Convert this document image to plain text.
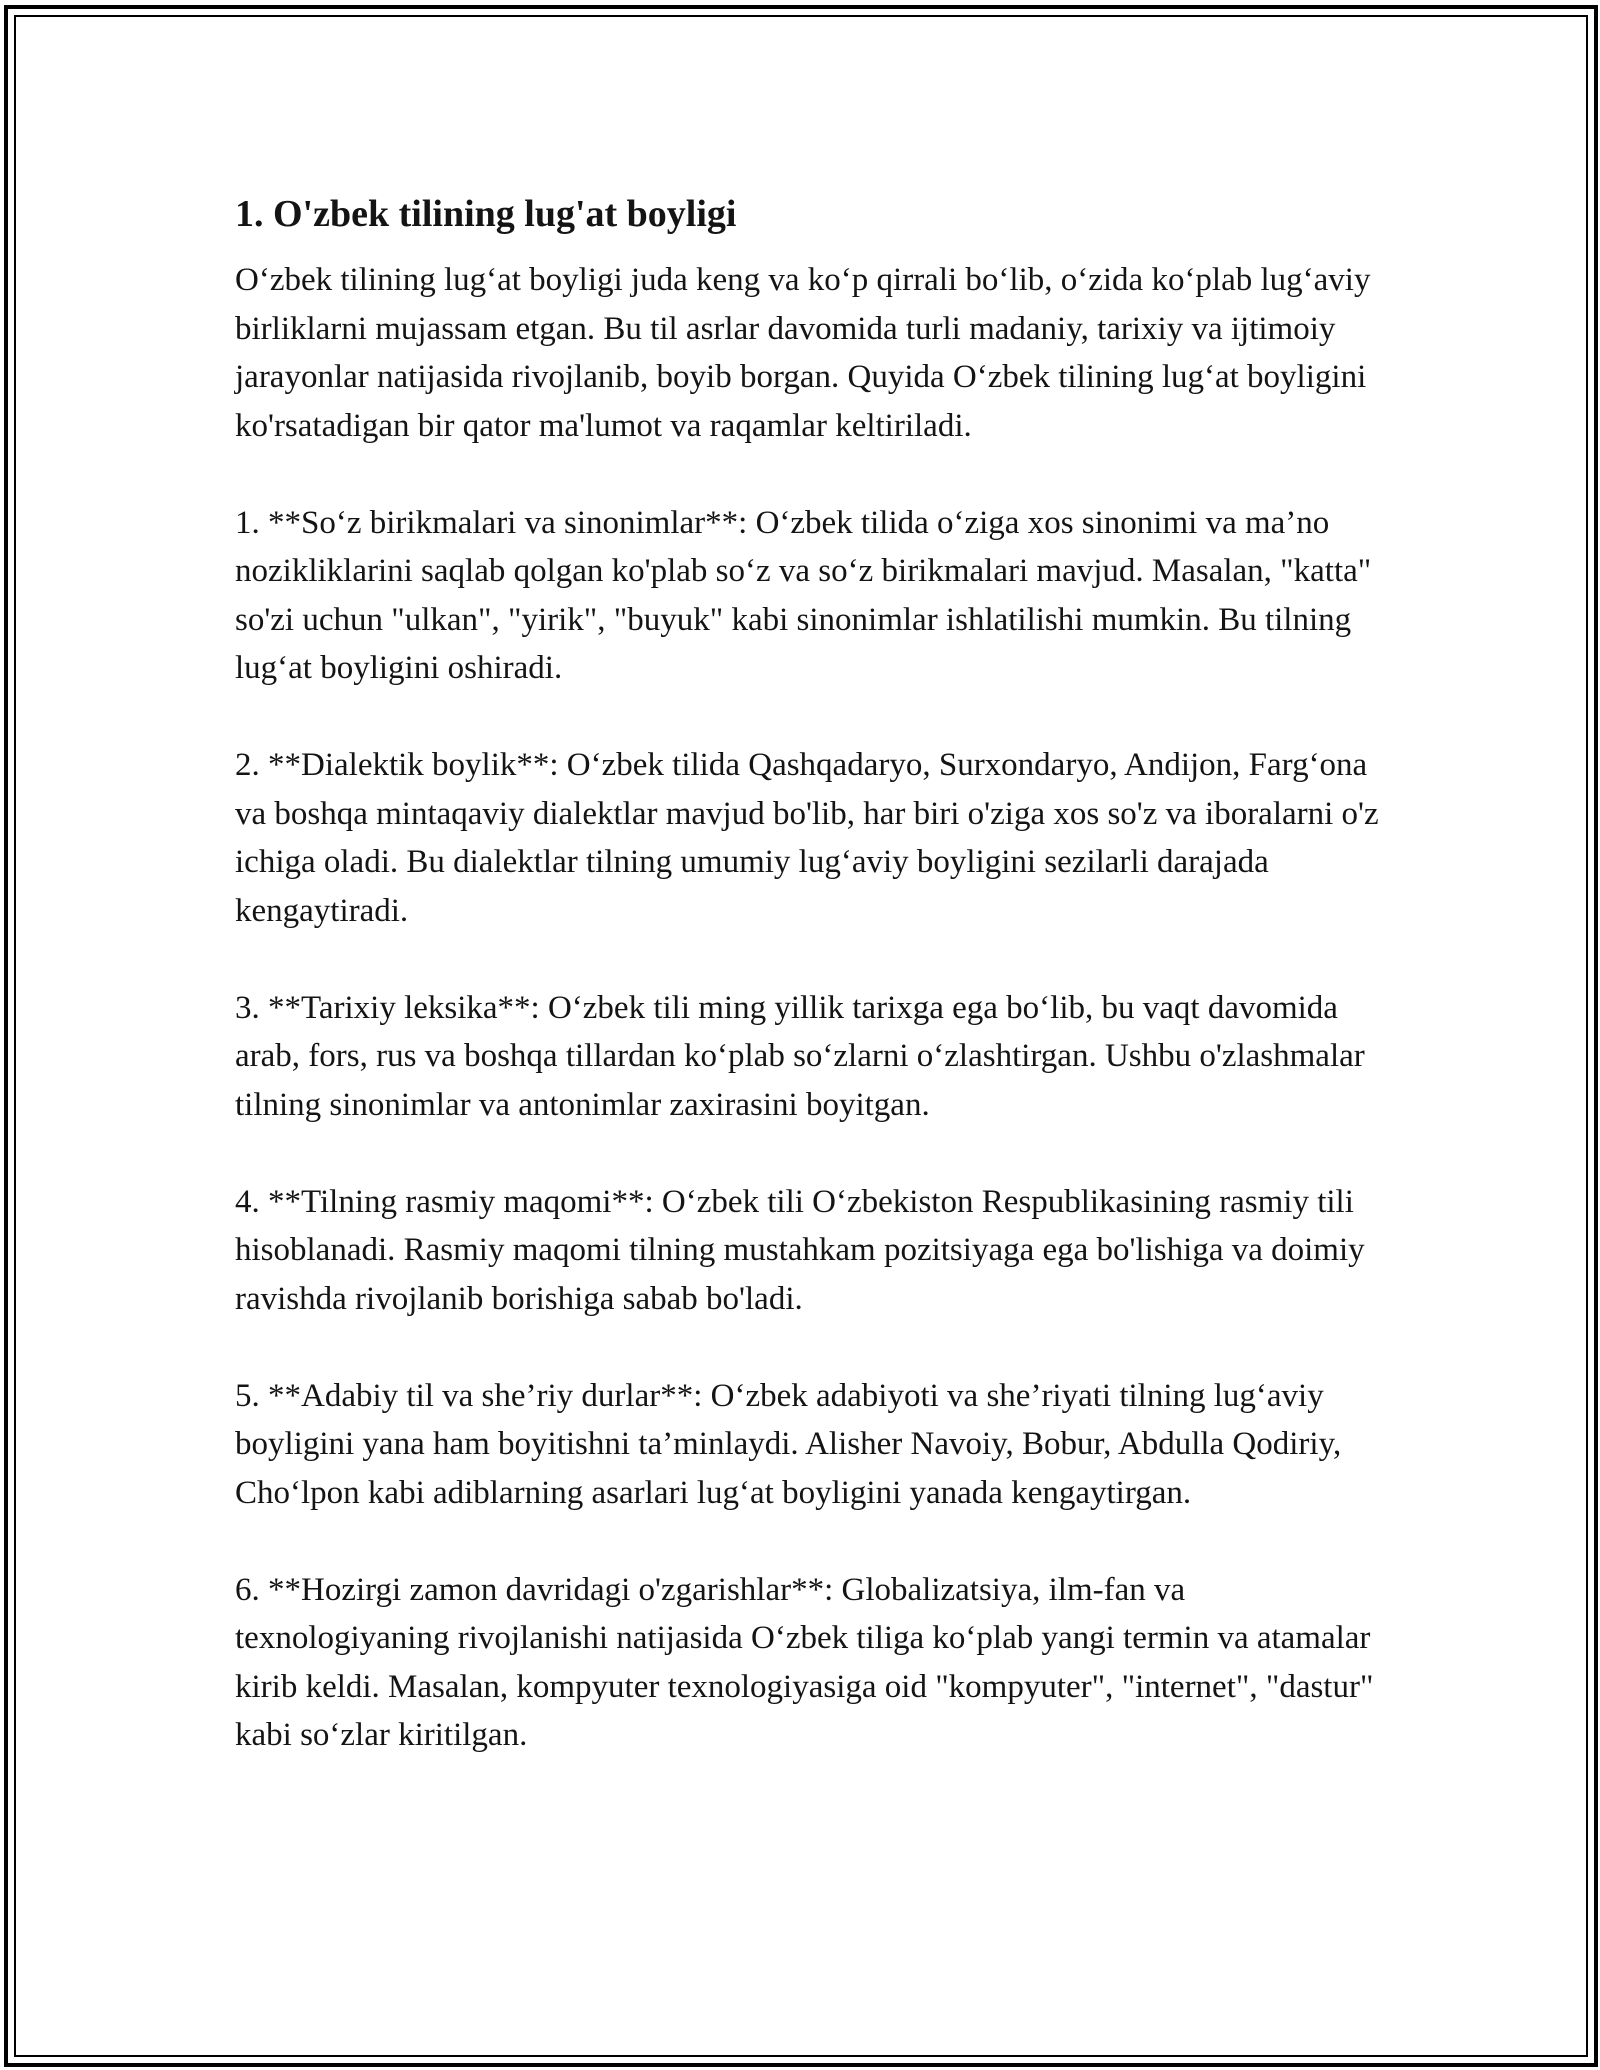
1. O'zbek tilining lug'at boyligi

O‘zbek tilining lug‘at boyligi juda keng va ko‘p qirrali bo‘lib, o‘zida ko‘plab lug‘aviy birliklarni mujassam etgan. Bu til asrlar davomida turli madaniy, tarixiy va ijtimoiy jarayonlar natijasida rivojlanib, boyib borgan. Quyida O‘zbek tilining lug‘at boyligini ko'rsatadigan bir qator ma'lumot va raqamlar keltiriladi.

1. **So‘z birikmalari va sinonimlar**: O‘zbek tilida o‘ziga xos sinonimi va ma’no nozikliklarini saqlab qolgan ko'plab so‘z va so‘z birikmalari mavjud. Masalan, "katta" so'zi uchun "ulkan", "yirik", "buyuk" kabi sinonimlar ishlatilishi mumkin. Bu tilning lug‘at boyligini oshiradi.

2. **Dialektik boylik**: O‘zbek tilida Qashqadaryo, Surxondaryo, Andijon, Farg‘ona va boshqa mintaqaviy dialektlar mavjud bo'lib, har biri o'ziga xos so'z va iboralarni o'z ichiga oladi. Bu dialektlar tilning umumiy lug‘aviy boyligini sezilarli darajada kengaytiradi.

3. **Tarixiy leksika**: O‘zbek tili ming yillik tarixga ega bo‘lib, bu vaqt davomida arab, fors, rus va boshqa tillardan ko‘plab so‘zlarni o‘zlashtirgan. Ushbu o'zlashmalar tilning sinonimlar va antonimlar zaxirasini boyitgan.

4. **Tilning rasmiy maqomi**: O‘zbek tili O‘zbekiston Respublikasining rasmiy tili hisoblanadi. Rasmiy maqomi tilning mustahkam pozitsiyaga ega bo'lishiga va doimiy ravishda rivojlanib borishiga sabab bo'ladi.

5. **Adabiy til va she’riy durlar**: O‘zbek adabiyoti va she’riyati tilning lug‘aviy boyligini yana ham boyitishni ta’minlaydi. Alisher Navoiy, Bobur, Abdulla Qodiriy, Cho‘lpon kabi adiblarning asarlari lug‘at boyligini yanada kengaytirgan.

6. **Hozirgi zamon davridagi o'zgarishlar**: Globalizatsiya, ilm-fan va texnologiyaning rivojlanishi natijasida O‘zbek tiliga ko‘plab yangi termin va atamalar kirib keldi. Masalan, kompyuter texnologiyasiga oid "kompyuter", "internet", "dastur" kabi so‘zlar kiritilgan.
